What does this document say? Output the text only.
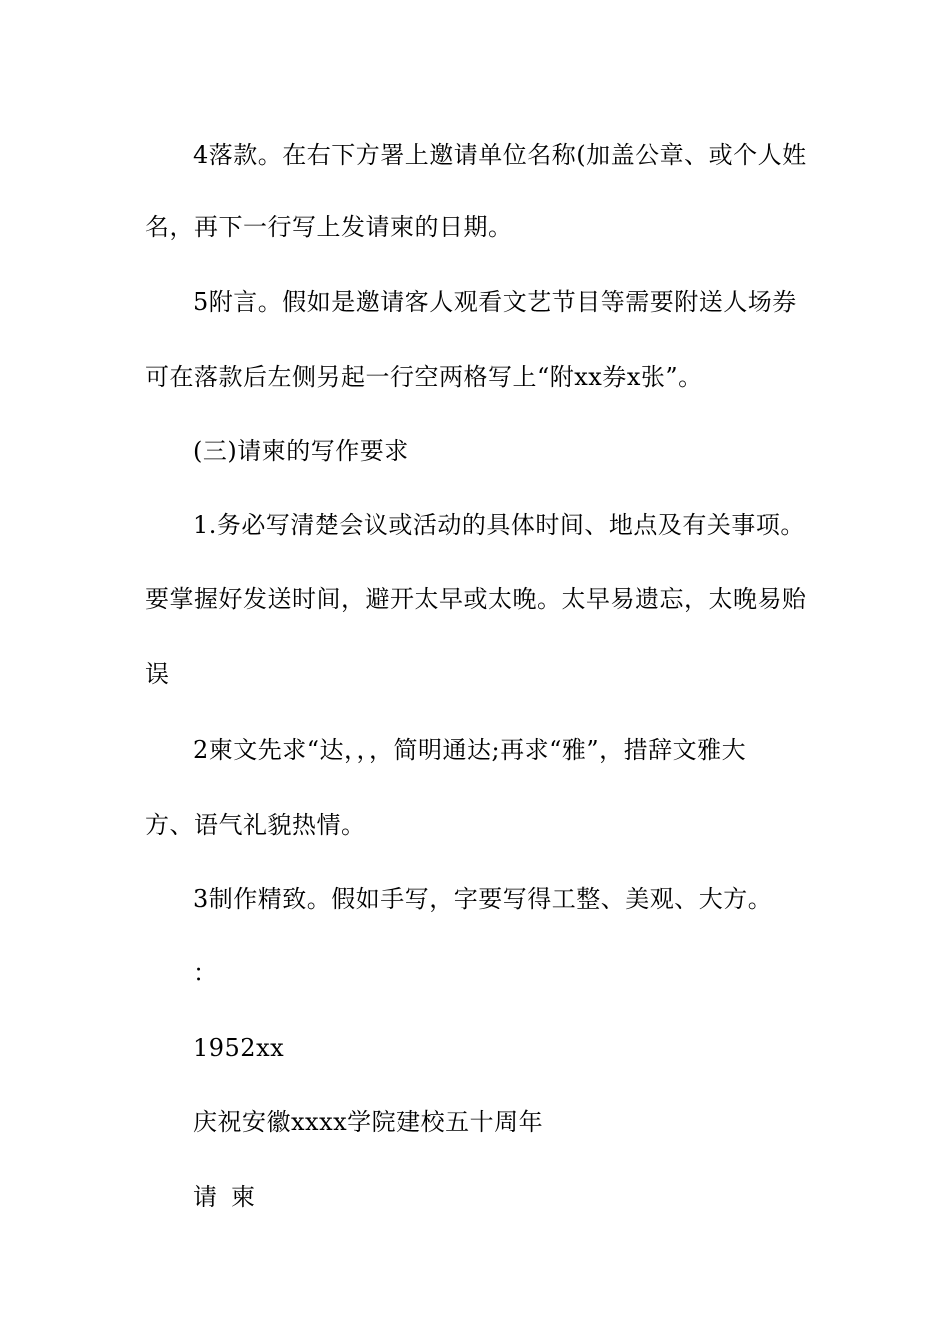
4落款。在右下方署上邀请单位名称(加盖公章、或个人姓
名，再下一行写上发请柬的日期。
5附言。假如是邀请客人观看文艺节目等需要附送人场券
可在落款后左侧另起一行空两格写上“附xx券x张”。
(三)请柬的写作要求
1.务必写清楚会议或活动的具体时间、地点及有关事项。
要掌握好发送时间，避开太早或太晚。太早易遗忘，太晚易贻
误
2柬文先求“达，，，简明通达;再求“雅”，措辞文雅大
方、语气礼貌热情。
3制作精致。假如手写，字要写得工整、美观、大方。
：
1952xx
庆祝安徽xxxx学院建校五十周年
请柬
